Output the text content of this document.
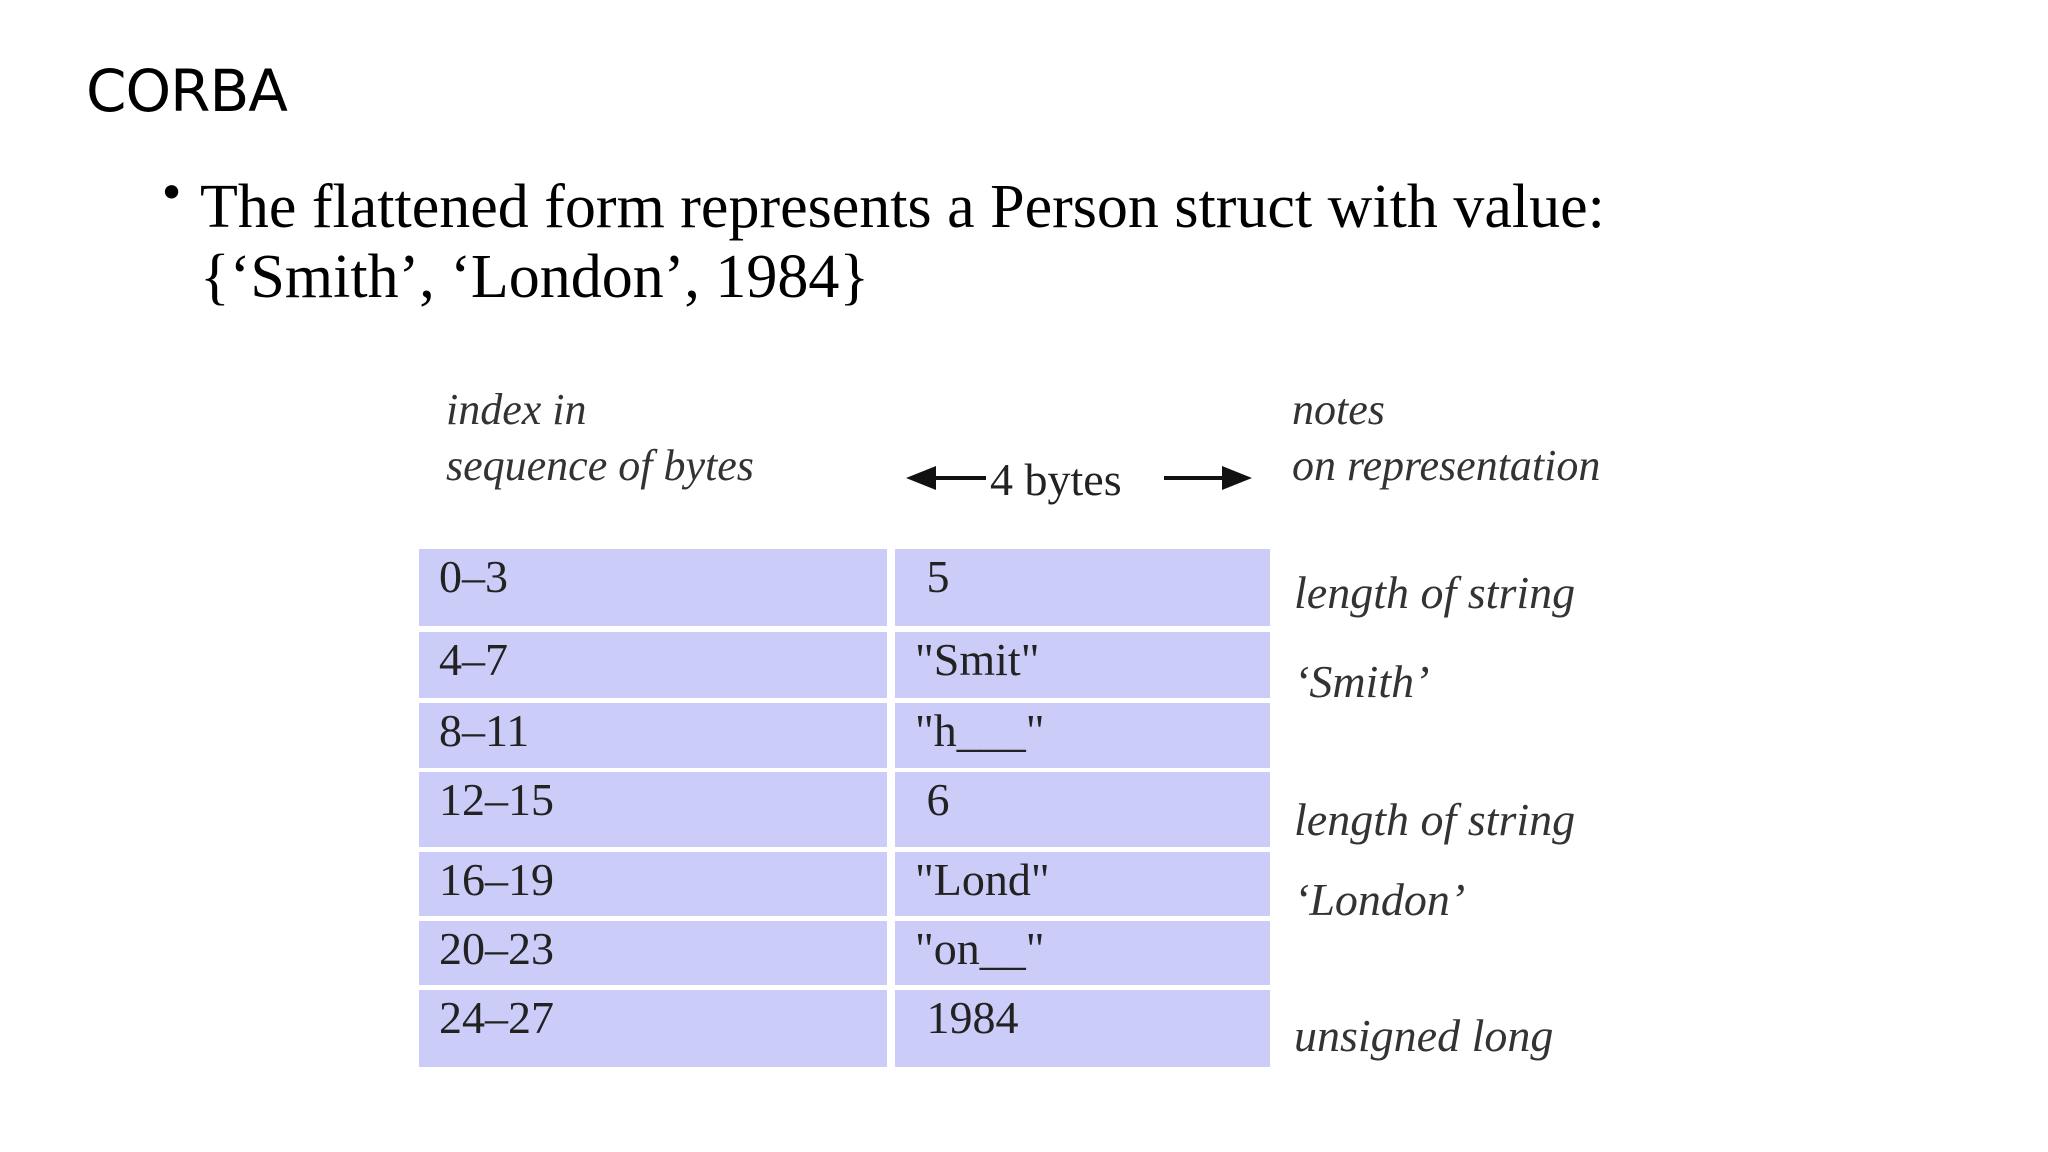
CORBA
• The flattened form represents a Person struct with value:
{‘Smith’, ‘London’, 1984}
index in
sequence of bytes	4 bytes
notes
on representation
0–3	5	length of string
4–7	"Smit"	‘Smith’
8–11	"h___"
12–15	6	length of string
16–19	"Lond"	‘London’
20–23	"on__"
24–27	1984	unsigned long
